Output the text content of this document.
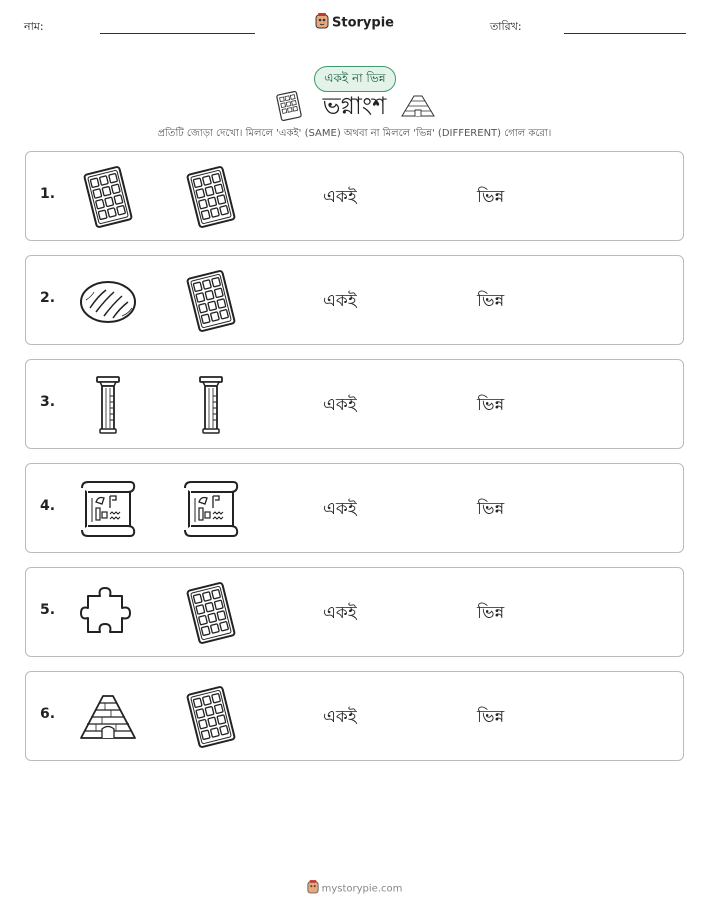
নাম:	Storypie	তারিখ:
একই না ভিন্ন
ভগ্নাংশ
প্রতিটি জোড়া দেখো। মিললে 'একই' (SAME) অথবা না মিললে 'ভিন্ন' (DIFFERENT) গোল করো।
1.	একই	ভিন্ন
2.	একই	ভিন্ন
3.	একই	ভিন্ন
4.	একই	ভিন্ন
5.	একই	ভিন্ন
6.	একই	ভিন্ন
mystorypie.com
